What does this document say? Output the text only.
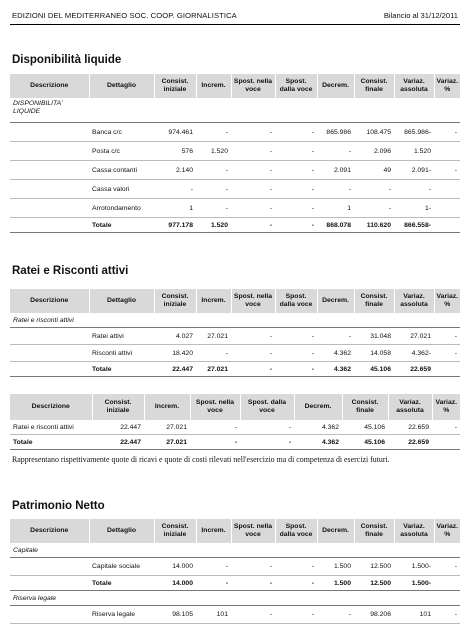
EDIZIONI DEL MEDITERRANEO SOC. COOP. GIORNALISTICA	Bilancio al 31/12/2011
Disponibilità liquide
Descrizione	Dettaglio	Consist. iniziale	Increm.	Spost. nella voce	Spost. dalla voce	Decrem.	Consist. finale	Variaz. assoluta	Variaz. %
DISPONIBILITA' LIQUIDE									
	Banca c/c	974.461	-	-	-	865.986	108.475	865.986-	-
	Posta c/c	576	1.520	-	-	-	2.096	1.520	
	Cassa contanti	2.140	-	-	-	2.091	49	2.091-	-
	Cassa valori	-	-	-	-	-	-	-	
	Arrotondamento	1	-	-	-	1	-	1-	
	Totale	977.178	1.520	-	-	868.078	110.620	866.558-	
Ratei e Risconti attivi
Descrizione	Dettaglio	Consist. iniziale	Increm.	Spost. nella voce	Spost. dalla voce	Decrem.	Consist. finale	Variaz. assoluta	Variaz. %
Ratei e risconti attivi									
	Ratei attivi	4.027	27.021	-	-	-	31.048	27.021	-
	Risconti attivi	18.420	-	-	-	4.362	14.058	4.362-	-
	Totale	22.447	27.021	-	-	4.362	45.106	22.659	
Descrizione	Consist. iniziale	Increm.	Spost. nella voce	Spost. dalla voce	Decrem.	Consist. finale	Variaz. assoluta	Variaz. %
Ratei e risconti attivi	22.447	27.021	-	-	4.362	45.106	22.659	-
Totale	22.447	27.021	-	-	4.362	45.106	22.659	
Rappresentano rispettivamente quote di ricavi e quote di costi rilevati nell'esercizio ma di competenza di esercizi futuri.
Patrimonio Netto
Descrizione	Dettaglio	Consist. iniziale	Increm.	Spost. nella voce	Spost. dalla voce	Decrem.	Consist. finale	Variaz. assoluta	Variaz. %
Capitale									
	Capitale sociale	14.000	-	-	-	1.500	12.500	1.500-	-
	Totale	14.000	-	-	-	1.500	12.500	1.500-	
Riserva legale									
	Riserva legale	98.105	101	-	-	-	98.206	101	-
